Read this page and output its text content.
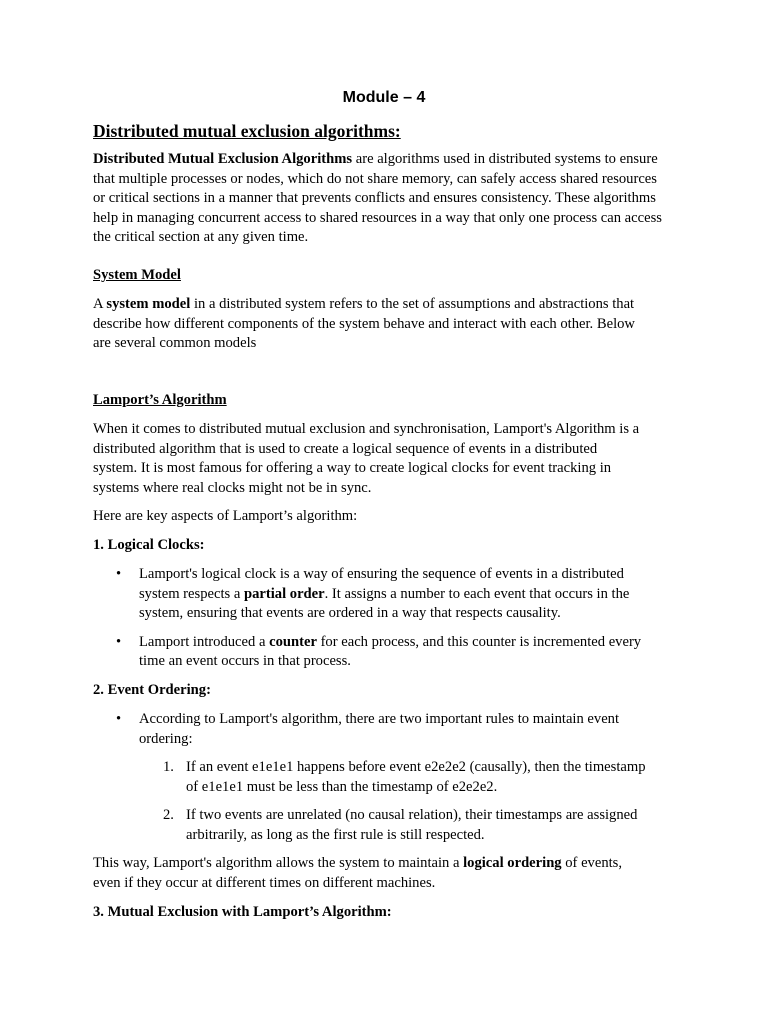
Module – 4
Distributed mutual exclusion algorithms:

Distributed Mutual Exclusion Algorithms are algorithms used in distributed systems to ensure
that multiple processes or nodes, which do not share memory, can safely access shared resources
or critical sections in a manner that prevents conflicts and ensures consistency. These algorithms
help in managing concurrent access to shared resources in a way that only one process can access
the critical section at any given time.

System Model

A system model in a distributed system refers to the set of assumptions and abstractions that
describe how different components of the system behave and interact with each other. Below
are several common models

Lamport’s Algorithm

When it comes to distributed mutual exclusion and synchronisation, Lamport's Algorithm is a
distributed algorithm that is used to create a logical sequence of events in a distributed
system. It is most famous for offering a way to create logical clocks for event tracking in
systems where real clocks might not be in sync.

Here are key aspects of Lamport’s algorithm:

1. Logical Clocks:

• Lamport's logical clock is a way of ensuring the sequence of events in a distributed
system respects a partial order. It assigns a number to each event that occurs in the
system, ensuring that events are ordered in a way that respects causality.
• Lamport introduced a counter for each process, and this counter is incremented every
time an event occurs in that process.

2. Event Ordering:

• According to Lamport's algorithm, there are two important rules to maintain event
ordering:
1. If an event e1e1e1 happens before event e2e2e2 (causally), then the timestamp
of e1e1e1 must be less than the timestamp of e2e2e2.
2. If two events are unrelated (no causal relation), their timestamps are assigned
arbitrarily, as long as the first rule is still respected.

This way, Lamport's algorithm allows the system to maintain a logical ordering of events,
even if they occur at different times on different machines.

3. Mutual Exclusion with Lamport’s Algorithm:
